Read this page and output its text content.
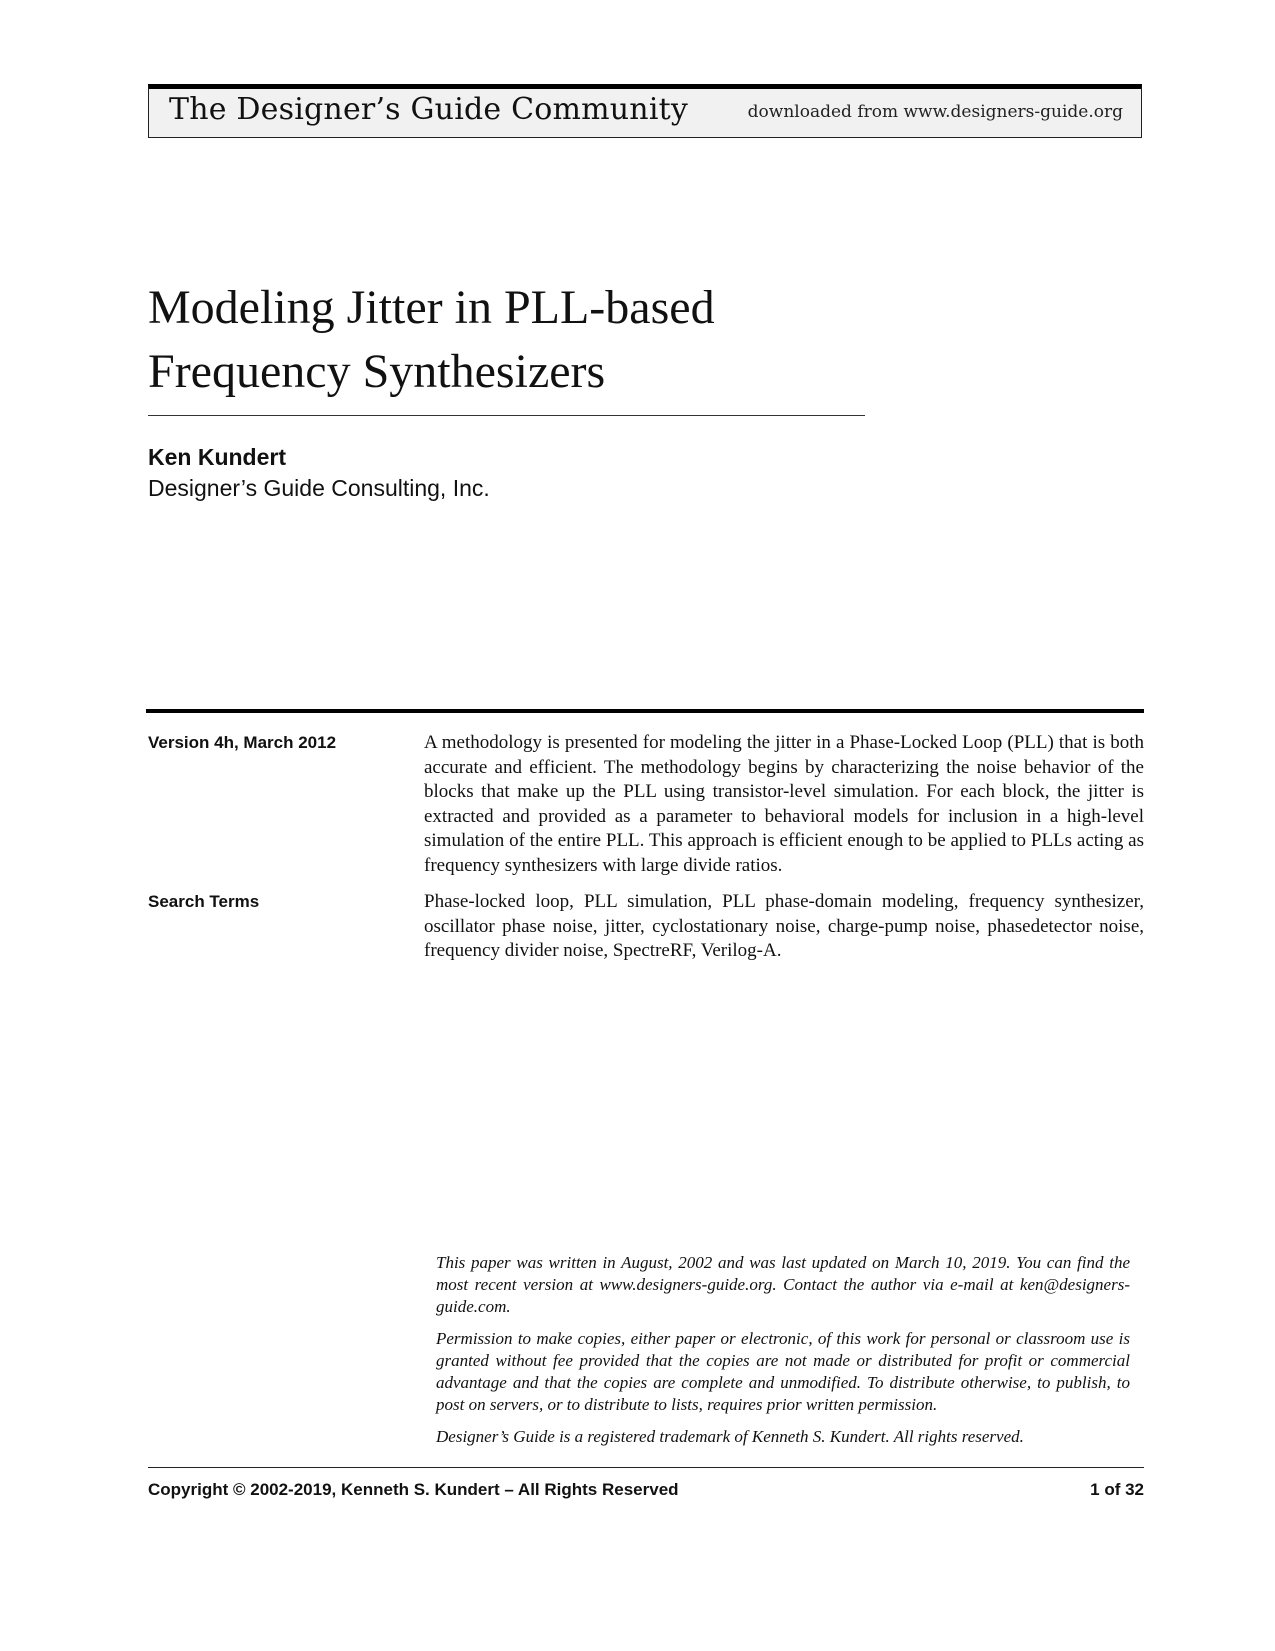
The Designer’s Guide Community	downloaded from www.designers-guide.org
Modeling Jitter in PLL-based
Frequency Synthesizers
Ken Kundert
Designer’s Guide Consulting, Inc.
Version 4h, March 2012	A methodology is presented for modeling the jitter in a Phase-Locked Loop (PLL) that is both accurate and efficient. The methodology begins by characterizing the noise behavior of the blocks that make up the PLL using transistor-level simulation. For each block, the jitter is extracted and provided as a parameter to behavioral models for inclusion in a high-level simulation of the entire PLL. This approach is efficient enough to be applied to PLLs acting as frequency synthesizers with large divide ratios.

Search Terms	Phase-locked loop, PLL simulation, PLL phase-domain modeling, frequency synthesizer, oscillator phase noise, jitter, cyclostationary noise, charge-pump noise, phasedetector noise, frequency divider noise, SpectreRF, Verilog-A.

This paper was written in August, 2002 and was last updated on March 10, 2019. You can find the most recent version at www.designers-guide.org. Contact the author via e-mail at ken@designers-guide.com.

Permission to make copies, either paper or electronic, of this work for personal or classroom use is granted without fee provided that the copies are not made or distributed for profit or commercial advantage and that the copies are complete and unmodified. To distribute otherwise, to publish, to post on servers, or to distribute to lists, requires prior written permission.

Designer’s Guide is a registered trademark of Kenneth S. Kundert. All rights reserved.

Copyright © 2002-2019, Kenneth S. Kundert – All Rights Reserved	1 of 32
